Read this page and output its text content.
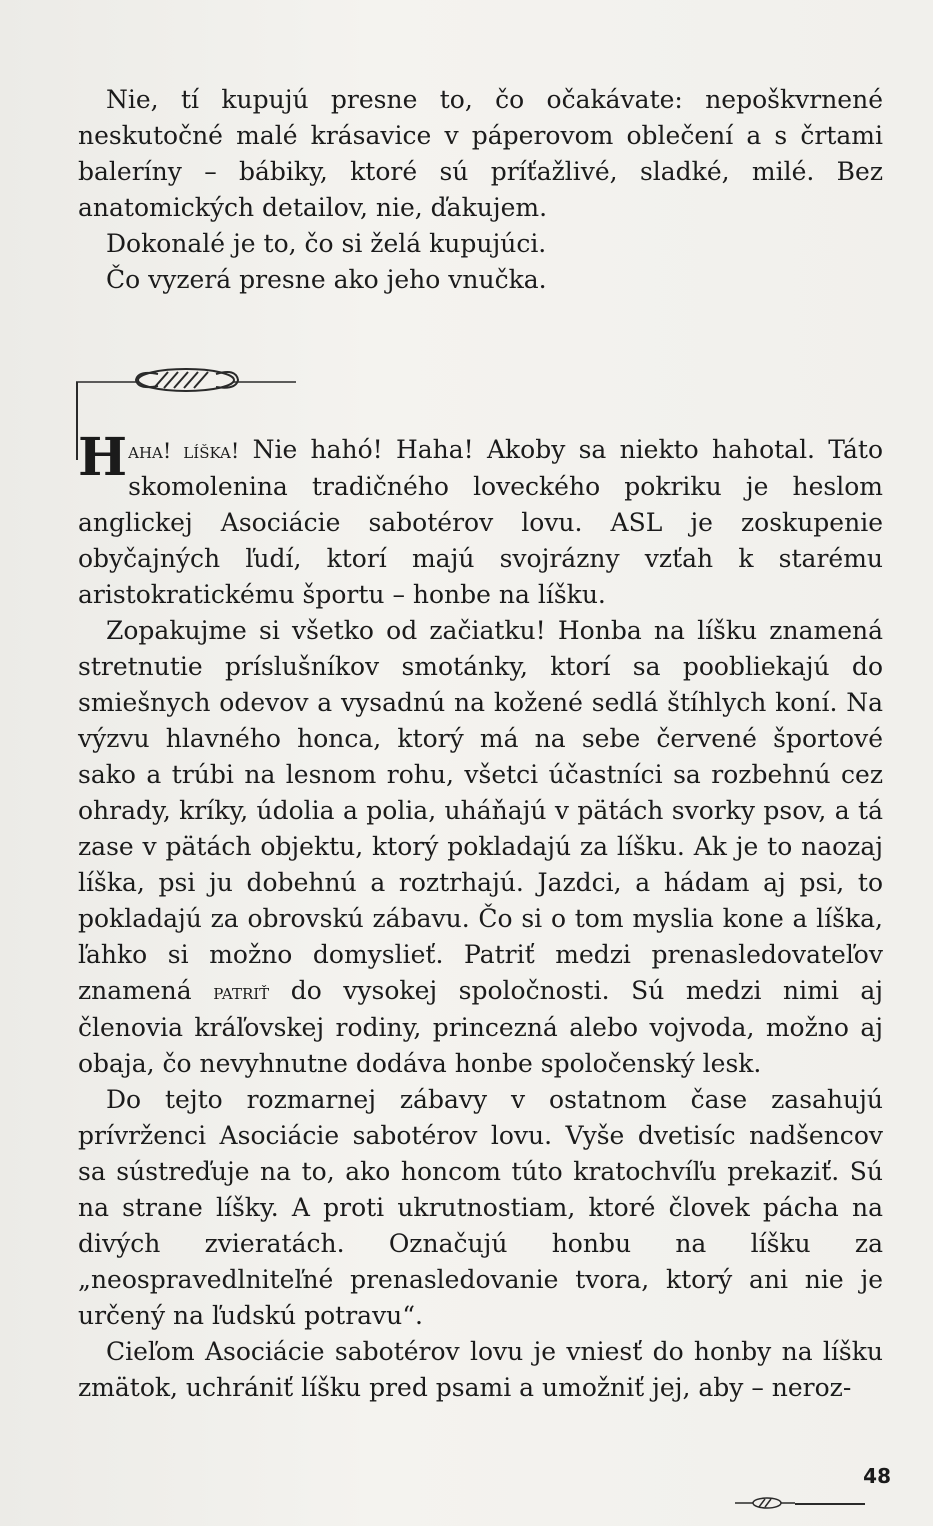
Nie, tí kupujú presne to, čo očakávate: nepoškvrnené neskutočné malé krásavice v páperovom oblečení a s črtami baleríny – bábiky, ktoré sú príťažlivé, sladké, milé. Bez anatomických detailov, nie, ďakujem.

Dokonalé je to, čo si želá kupujúci.

Čo vyzerá presne ako jeho vnučka.

Haha! líška! Nie hahó! Haha! Akoby sa niekto hahotal. Táto skomolenina tradičného loveckého pokriku je heslom anglickej Asociácie sabotérov lovu. ASL je zoskupenie obyčajných ľudí, ktorí majú svojrázny vzťah k starému aristokratickému športu – honbe na líšku.

Zopakujme si všetko od začiatku! Honba na líšku znamená stretnutie príslušníkov smotánky, ktorí sa poobliekajú do smiešnych odevov a vysadnú na kožené sedlá štíhlych koní. Na výzvu hlavného honca, ktorý má na sebe červené športové sako a trúbi na lesnom rohu, všetci účastníci sa rozbehnú cez ohrady, kríky, údolia a polia, uháňajú v pätách svorky psov, a tá zase v pätách objektu, ktorý pokladajú za líšku. Ak je to naozaj líška, psi ju dobehnú a roztrhajú. Jazdci, a hádam aj psi, to pokladajú za obrovskú zábavu. Čo si o tom myslia kone a líška, ľahko si možno domyslieť. Patriť medzi prenasledovateľov znamená patriť do vysokej spoločnosti. Sú medzi nimi aj členovia kráľovskej rodiny, princezná alebo vojvoda, možno aj obaja, čo nevyhnutne dodáva honbe spoločenský lesk.

Do tejto rozmarnej zábavy v ostatnom čase zasahujú prívrženci Asociácie sabotérov lovu. Vyše dvetisíc nadšencov sa sústreďuje na to, ako honcom túto kratochvíľu prekaziť. Sú na strane líšky. A proti ukrutnostiam, ktoré človek pácha na divých zvieratách. Označujú honbu na líšku za „neospravedlniteľné prenasledovanie tvora, ktorý ani nie je určený na ľudskú potravu“.

Cieľom Asociácie sabotérov lovu je vniesť do honby na líšku zmätok, uchrániť líšku pred psami a umožniť jej, aby – neroz-

48
